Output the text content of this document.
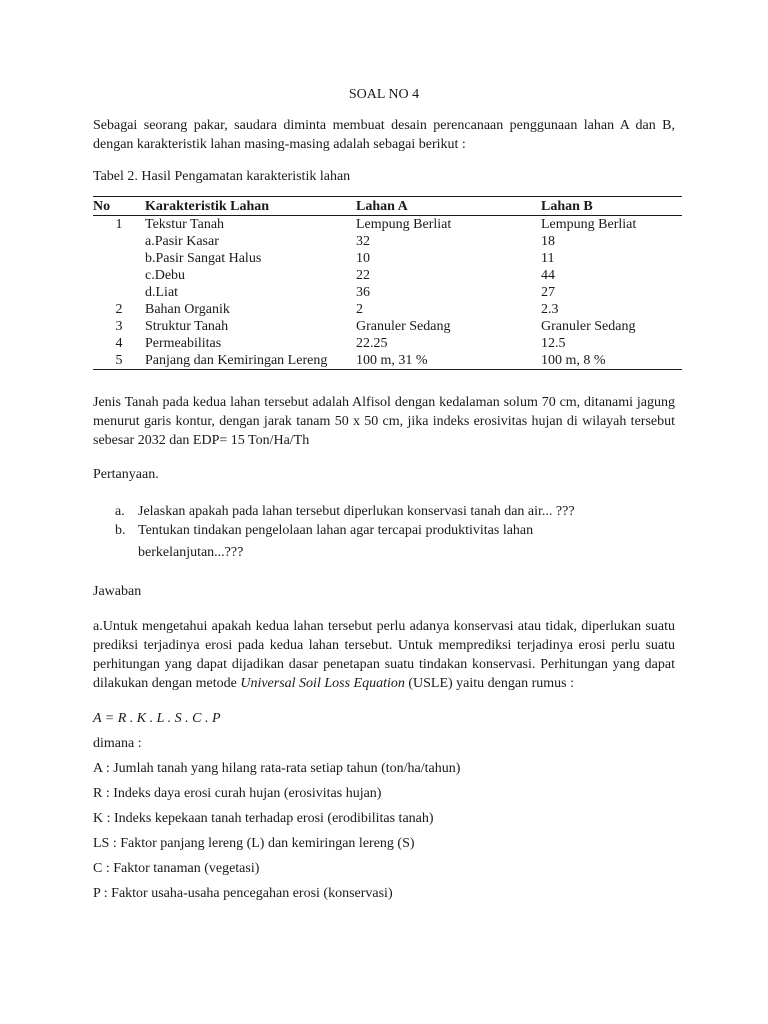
SOAL NO 4

Sebagai seorang pakar, saudara diminta membuat desain perencanaan penggunaan lahan A dan B, dengan karakteristik lahan masing-masing adalah sebagai berikut :

Tabel 2. Hasil Pengamatan karakteristik lahan

No	Karakteristik Lahan	Lahan A	Lahan B
1	Tekstur Tanah	Lempung Berliat	Lempung Berliat
	a.Pasir Kasar	32	18
	b.Pasir Sangat Halus	10	11
	c.Debu	22	44
	d.Liat	36	27
2	Bahan Organik	2	2.3
3	Struktur Tanah	Granuler Sedang	Granuler Sedang
4	Permeabilitas	22.25	12.5
5	Panjang dan Kemiringan Lereng	100 m, 31 %	100 m, 8 %

Jenis Tanah pada kedua lahan tersebut adalah Alfisol dengan kedalaman solum 70 cm, ditanami jagung menurut garis kontur, dengan jarak tanam 50 x 50 cm, jika indeks erosivitas hujan di wilayah tersebut sebesar 2032 dan EDP= 15 Ton/Ha/Th

Pertanyaan.

a. Jelaskan apakah pada lahan tersebut diperlukan konservasi tanah dan air... ???
b. Tentukan tindakan pengelolaan lahan agar tercapai produktivitas lahan
berkelanjutan...???

Jawaban

a.Untuk mengetahui apakah kedua lahan tersebut perlu adanya konservasi atau tidak, diperlukan suatu prediksi terjadinya erosi pada kedua lahan tersebut. Untuk memprediksi terjadinya erosi perlu suatu perhitungan yang dapat dijadikan dasar penetapan suatu tindakan konservasi. Perhitungan yang dapat dilakukan dengan metode Universal Soil Loss Equation (USLE) yaitu dengan rumus :

A = R . K . L . S . C . P

dimana :

A : Jumlah tanah yang hilang rata-rata setiap tahun (ton/ha/tahun)

R : Indeks daya erosi curah hujan (erosivitas hujan)

K : Indeks kepekaan tanah terhadap erosi (erodibilitas tanah)

LS : Faktor panjang lereng (L) dan kemiringan lereng (S)

C : Faktor tanaman (vegetasi)

P : Faktor usaha-usaha pencegahan erosi (konservasi)
